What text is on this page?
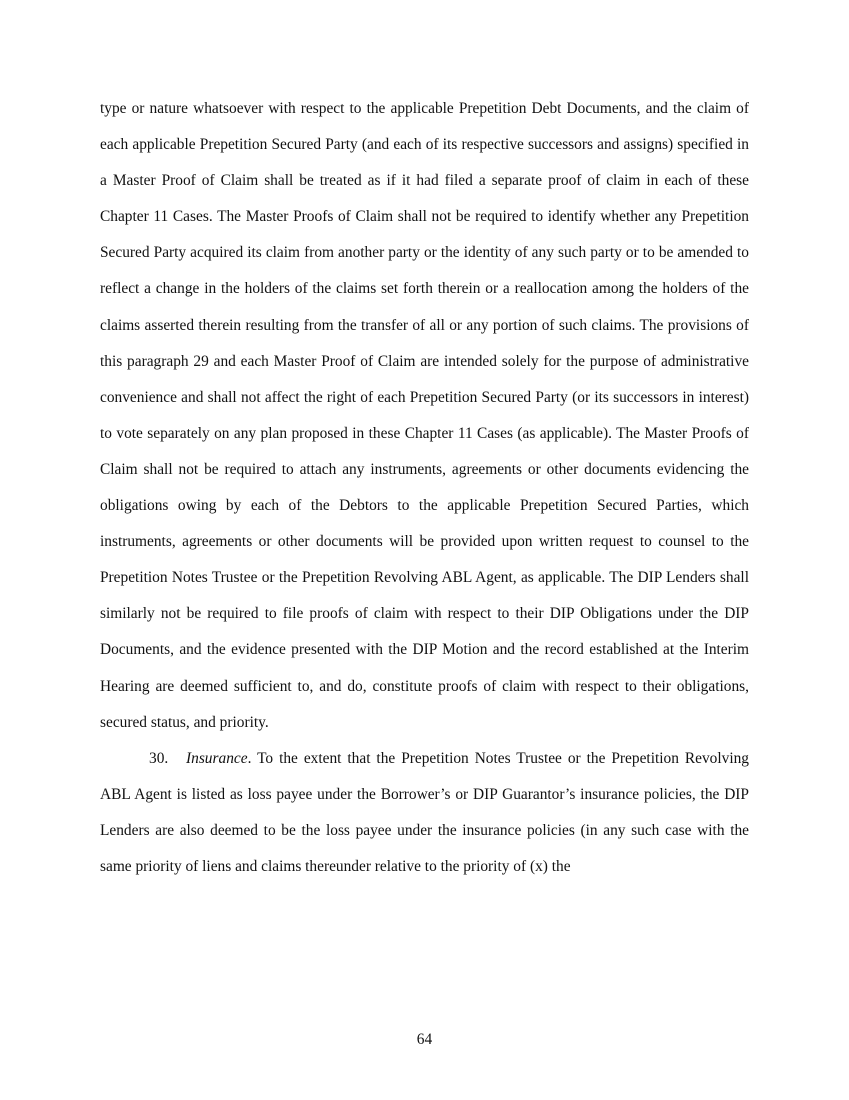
type or nature whatsoever with respect to the applicable Prepetition Debt Documents, and the claim of each applicable Prepetition Secured Party (and each of its respective successors and assigns) specified in a Master Proof of Claim shall be treated as if it had filed a separate proof of claim in each of these Chapter 11 Cases. The Master Proofs of Claim shall not be required to identify whether any Prepetition Secured Party acquired its claim from another party or the identity of any such party or to be amended to reflect a change in the holders of the claims set forth therein or a reallocation among the holders of the claims asserted therein resulting from the transfer of all or any portion of such claims. The provisions of this paragraph 29 and each Master Proof of Claim are intended solely for the purpose of administrative convenience and shall not affect the right of each Prepetition Secured Party (or its successors in interest) to vote separately on any plan proposed in these Chapter 11 Cases (as applicable). The Master Proofs of Claim shall not be required to attach any instruments, agreements or other documents evidencing the obligations owing by each of the Debtors to the applicable Prepetition Secured Parties, which instruments, agreements or other documents will be provided upon written request to counsel to the Prepetition Notes Trustee or the Prepetition Revolving ABL Agent, as applicable. The DIP Lenders shall similarly not be required to file proofs of claim with respect to their DIP Obligations under the DIP Documents, and the evidence presented with the DIP Motion and the record established at the Interim Hearing are deemed sufficient to, and do, constitute proofs of claim with respect to their obligations, secured status, and priority.

30. Insurance. To the extent that the Prepetition Notes Trustee or the Prepetition Revolving ABL Agent is listed as loss payee under the Borrower’s or DIP Guarantor’s insurance policies, the DIP Lenders are also deemed to be the loss payee under the insurance policies (in any such case with the same priority of liens and claims thereunder relative to the priority of (x) the

64
